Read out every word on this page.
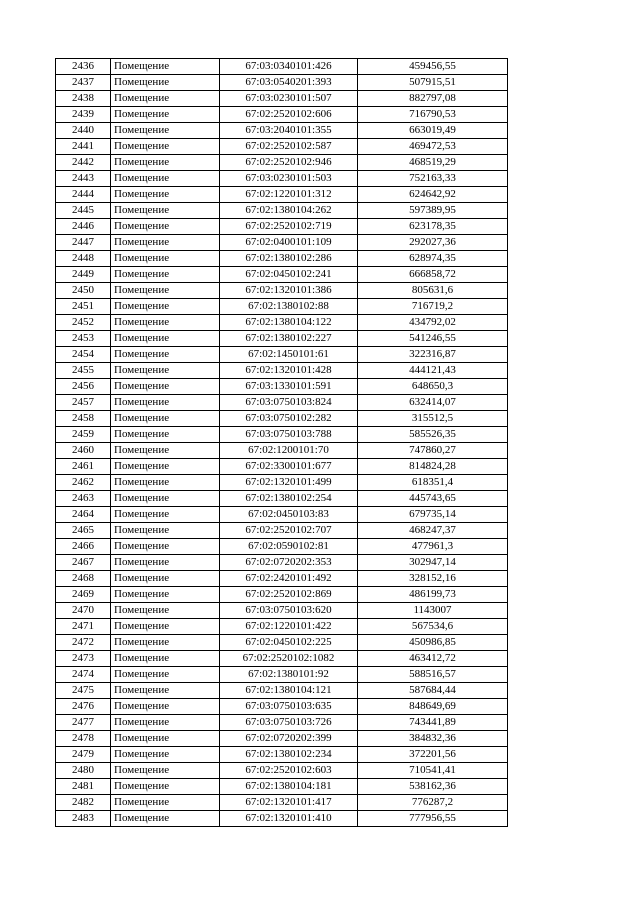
2436	Помещение	67:03:0340101:426	459456,55
2437	Помещение	67:03:0540201:393	507915,51
2438	Помещение	67:03:0230101:507	882797,08
2439	Помещение	67:02:2520102:606	716790,53
2440	Помещение	67:03:2040101:355	663019,49
2441	Помещение	67:02:2520102:587	469472,53
2442	Помещение	67:02:2520102:946	468519,29
2443	Помещение	67:03:0230101:503	752163,33
2444	Помещение	67:02:1220101:312	624642,92
2445	Помещение	67:02:1380104:262	597389,95
2446	Помещение	67:02:2520102:719	623178,35
2447	Помещение	67:02:0400101:109	292027,36
2448	Помещение	67:02:1380102:286	628974,35
2449	Помещение	67:02:0450102:241	666858,72
2450	Помещение	67:02:1320101:386	805631,6
2451	Помещение	67:02:1380102:88	716719,2
2452	Помещение	67:02:1380104:122	434792,02
2453	Помещение	67:02:1380102:227	541246,55
2454	Помещение	67:02:1450101:61	322316,87
2455	Помещение	67:02:1320101:428	444121,43
2456	Помещение	67:03:1330101:591	648650,3
2457	Помещение	67:03:0750103:824	632414,07
2458	Помещение	67:03:0750102:282	315512,5
2459	Помещение	67:03:0750103:788	585526,35
2460	Помещение	67:02:1200101:70	747860,27
2461	Помещение	67:02:3300101:677	814824,28
2462	Помещение	67:02:1320101:499	618351,4
2463	Помещение	67:02:1380102:254	445743,65
2464	Помещение	67:02:0450103:83	679735,14
2465	Помещение	67:02:2520102:707	468247,37
2466	Помещение	67:02:0590102:81	477961,3
2467	Помещение	67:02:0720202:353	302947,14
2468	Помещение	67:02:2420101:492	328152,16
2469	Помещение	67:02:2520102:869	486199,73
2470	Помещение	67:03:0750103:620	1143007
2471	Помещение	67:02:1220101:422	567534,6
2472	Помещение	67:02:0450102:225	450986,85
2473	Помещение	67:02:2520102:1082	463412,72
2474	Помещение	67:02:1380101:92	588516,57
2475	Помещение	67:02:1380104:121	587684,44
2476	Помещение	67:03:0750103:635	848649,69
2477	Помещение	67:03:0750103:726	743441,89
2478	Помещение	67:02:0720202:399	384832,36
2479	Помещение	67:02:1380102:234	372201,56
2480	Помещение	67:02:2520102:603	710541,41
2481	Помещение	67:02:1380104:181	538162,36
2482	Помещение	67:02:1320101:417	776287,2
2483	Помещение	67:02:1320101:410	777956,55
